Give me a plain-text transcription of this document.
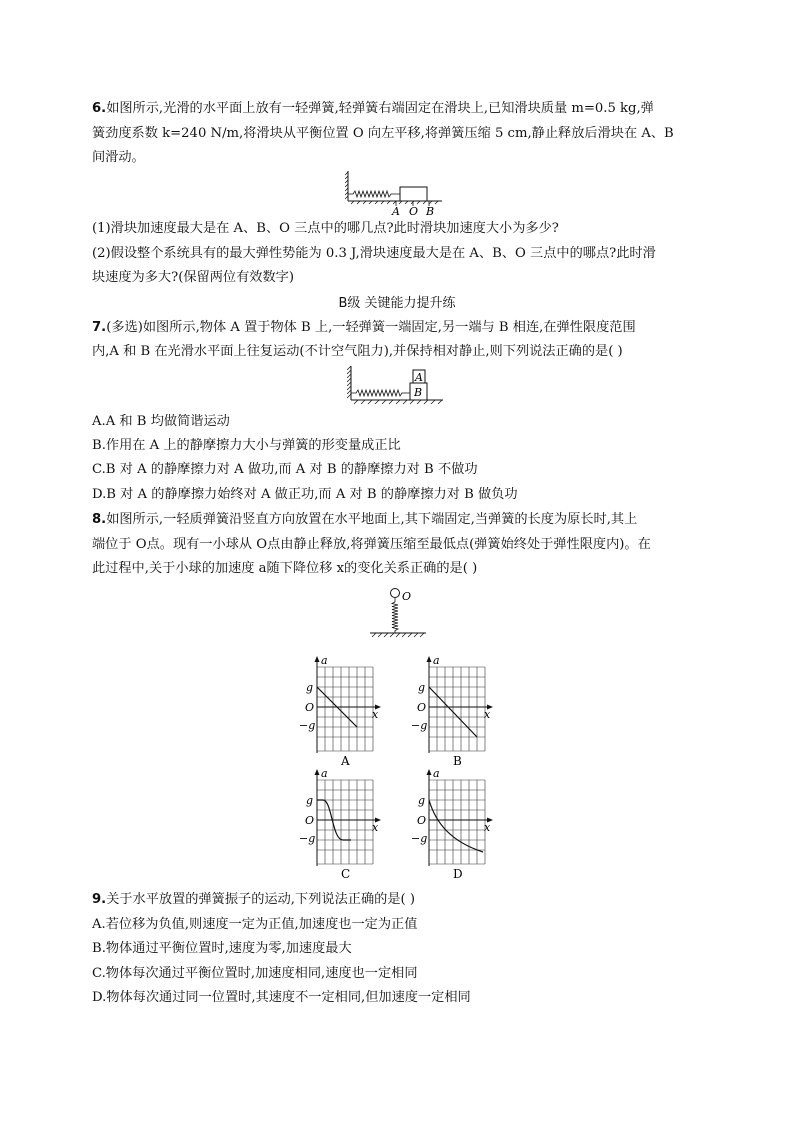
6.如图所示,光滑的水平面上放有一轻弹簧,轻弹簧右端固定在滑块上,已知滑块质量 m=0.5 kg,弹
簧劲度系数 k=240 N/m,将滑块从平衡位置 O 向左平移,将弹簧压缩 5 cm,静止释放后滑块在 A、B
间滑动。
A O B
(1)滑块加速度最大是在 A、B、O 三点中的哪几点?此时滑块加速度大小为多少?
(2)假设整个系统具有的最大弹性势能为 0.3 J,滑块速度最大是在 A、B、O 三点中的哪点?此时滑
块速度为多大?(保留两位有效数字)
B级 关键能力提升练
7.(多选)如图所示,物体 A 置于物体 B 上,一轻弹簧一端固定,另一端与 B 相连,在弹性限度范围
内,A 和 B 在光滑水平面上往复运动(不计空气阻力),并保持相对静止,则下列说法正确的是( )
A
B
A.A 和 B 均做简谐运动
B.作用在 A 上的静摩擦力大小与弹簧的形变量成正比
C.B 对 A 的静摩擦力对 A 做功,而 A 对 B 的静摩擦力对 B 不做功
D.B 对 A 的静摩擦力始终对 A 做正功,而 A 对 B 的静摩擦力对 B 做负功
8.如图所示,一轻质弹簧沿竖直方向放置在水平地面上,其下端固定,当弹簧的长度为原长时,其上
端位于 O点。现有一小球从 O点由静止释放,将弹簧压缩至最低点(弹簧始终处于弹性限度内)。在
此过程中,关于小球的加速度 a随下降位移 x的变化关系正确的是( )
O
a
x
g
O
−g
A
a
x
g
O
−g
B
a
x
g
O
−g
C
a
x
g
O
−g
D
9.关于水平放置的弹簧振子的运动,下列说法正确的是( )
A.若位移为负值,则速度一定为正值,加速度也一定为正值
B.物体通过平衡位置时,速度为零,加速度最大
C.物体每次通过平衡位置时,加速度相同,速度也一定相同
D.物体每次通过同一位置时,其速度不一定相同,但加速度一定相同
